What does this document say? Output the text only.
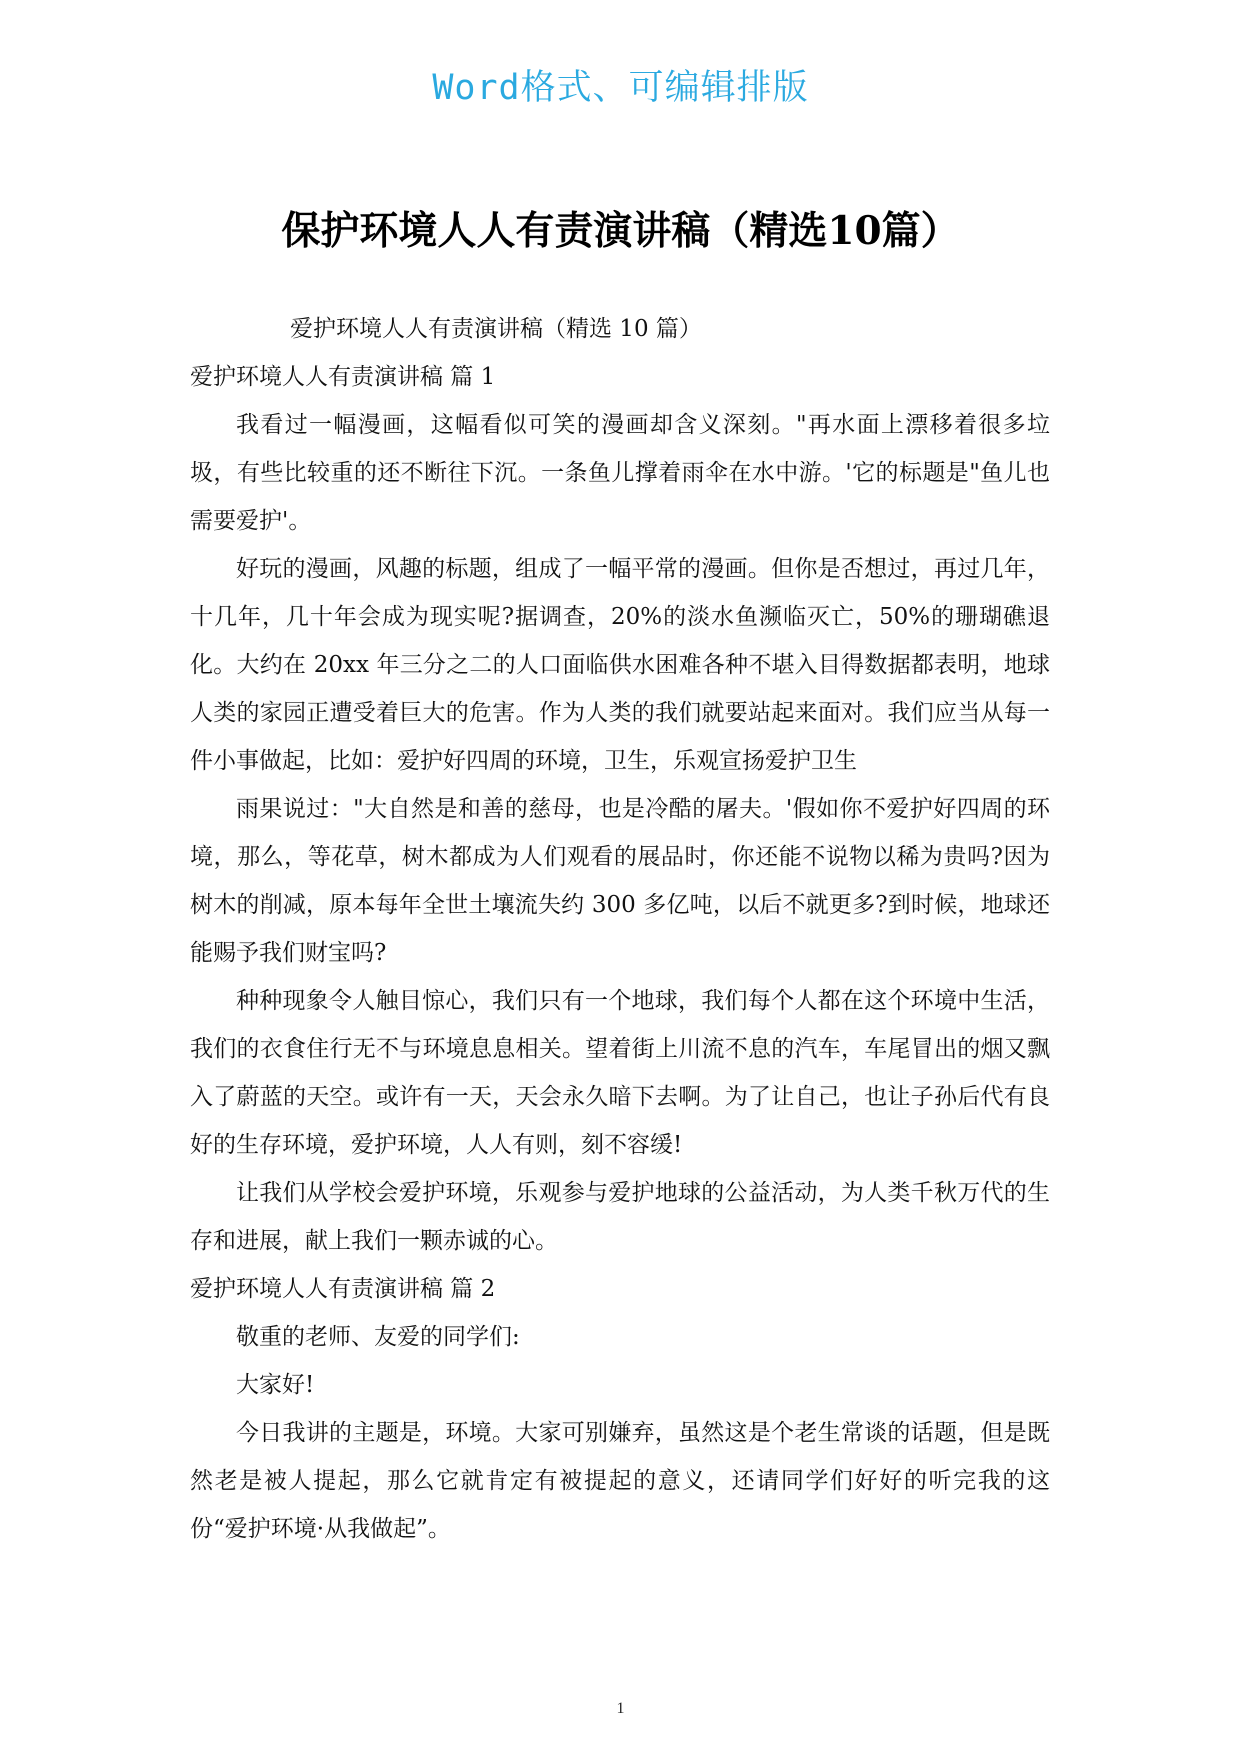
Word格式、可编辑排版
保护环境人人有责演讲稿（精选10篇）

爱护环境人人有责演讲稿（精选 10 篇）

爱护环境人人有责演讲稿 篇 1

我看过一幅漫画，这幅看似可笑的漫画却含义深刻。"再水面上漂移着很多垃圾，有些比较重的还不断往下沉。一条鱼儿撑着雨伞在水中游。'它的标题是"鱼儿也需要爱护'。

好玩的漫画，风趣的标题，组成了一幅平常的漫画。但你是否想过，再过几年，十几年，几十年会成为现实呢?据调查，20%的淡水鱼濒临灭亡，50%的珊瑚礁退化。大约在 20xx 年三分之二的人口面临供水困难各种不堪入目得数据都表明，地球人类的家园正遭受着巨大的危害。作为人类的我们就要站起来面对。我们应当从每一件小事做起，比如：爱护好四周的环境，卫生，乐观宣扬爱护卫生

雨果说过："大自然是和善的慈母，也是冷酷的屠夫。'假如你不爱护好四周的环境，那么，等花草，树木都成为人们观看的展品时，你还能不说物以稀为贵吗?因为树木的削减，原本每年全世土壤流失约 300 多亿吨，以后不就更多?到时候，地球还能赐予我们财宝吗?

种种现象令人触目惊心，我们只有一个地球，我们每个人都在这个环境中生活，我们的衣食住行无不与环境息息相关。望着街上川流不息的汽车，车尾冒出的烟又飘入了蔚蓝的天空。或许有一天，天会永久暗下去啊。为了让自己，也让子孙后代有良好的生存环境，爱护环境，人人有则，刻不容缓!

让我们从学校会爱护环境，乐观参与爱护地球的公益活动，为人类千秋万代的生存和进展，献上我们一颗赤诚的心。

爱护环境人人有责演讲稿 篇 2

敬重的老师、友爱的同学们:

大家好!

今日我讲的主题是，环境。大家可别嫌弃，虽然这是个老生常谈的话题，但是既然老是被人提起，那么它就肯定有被提起的意义，还请同学们好好的听完我的这份“爱护环境·从我做起”。

1
